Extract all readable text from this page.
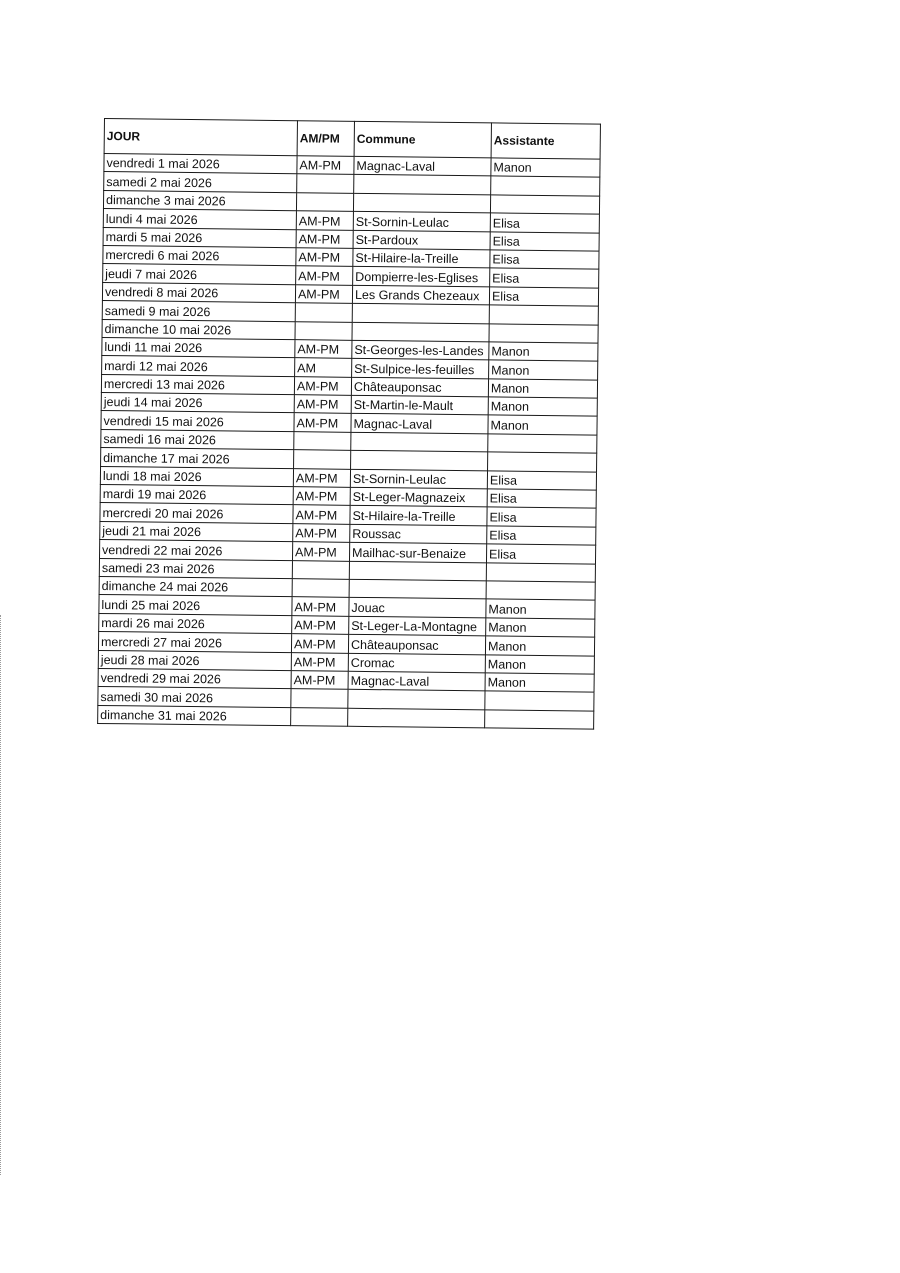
JOUR	AM/PM	Commune	Assistante
vendredi 1 mai 2026	AM-PM	Magnac-Laval	Manon
samedi 2 mai 2026			
dimanche 3 mai 2026			
lundi 4 mai 2026	AM-PM	St-Sornin-Leulac	Elisa
mardi 5 mai 2026	AM-PM	St-Pardoux	Elisa
mercredi 6 mai 2026	AM-PM	St-Hilaire-la-Treille	Elisa
jeudi 7 mai 2026	AM-PM	Dompierre-les-Eglises	Elisa
vendredi 8 mai 2026	AM-PM	Les Grands Chezeaux	Elisa
samedi 9 mai 2026			
dimanche 10 mai 2026			
lundi 11 mai 2026	AM-PM	St-Georges-les-Landes	Manon
mardi 12 mai 2026	AM	St-Sulpice-les-feuilles	Manon
mercredi 13 mai 2026	AM-PM	Châteauponsac	Manon
jeudi 14 mai 2026	AM-PM	St-Martin-le-Mault	Manon
vendredi 15 mai 2026	AM-PM	Magnac-Laval	Manon
samedi 16 mai 2026			
dimanche 17 mai 2026			
lundi 18 mai 2026	AM-PM	St-Sornin-Leulac	Elisa
mardi 19 mai 2026	AM-PM	St-Leger-Magnazeix	Elisa
mercredi 20 mai 2026	AM-PM	St-Hilaire-la-Treille	Elisa
jeudi 21 mai 2026	AM-PM	Roussac	Elisa
vendredi 22 mai 2026	AM-PM	Mailhac-sur-Benaize	Elisa
samedi 23 mai 2026			
dimanche 24 mai 2026			
lundi 25 mai 2026	AM-PM	Jouac	Manon
mardi 26 mai 2026	AM-PM	St-Leger-La-Montagne	Manon
mercredi 27 mai 2026	AM-PM	Châteauponsac	Manon
jeudi 28 mai 2026	AM-PM	Cromac	Manon
vendredi 29 mai 2026	AM-PM	Magnac-Laval	Manon
samedi 30 mai 2026			
dimanche 31 mai 2026			
